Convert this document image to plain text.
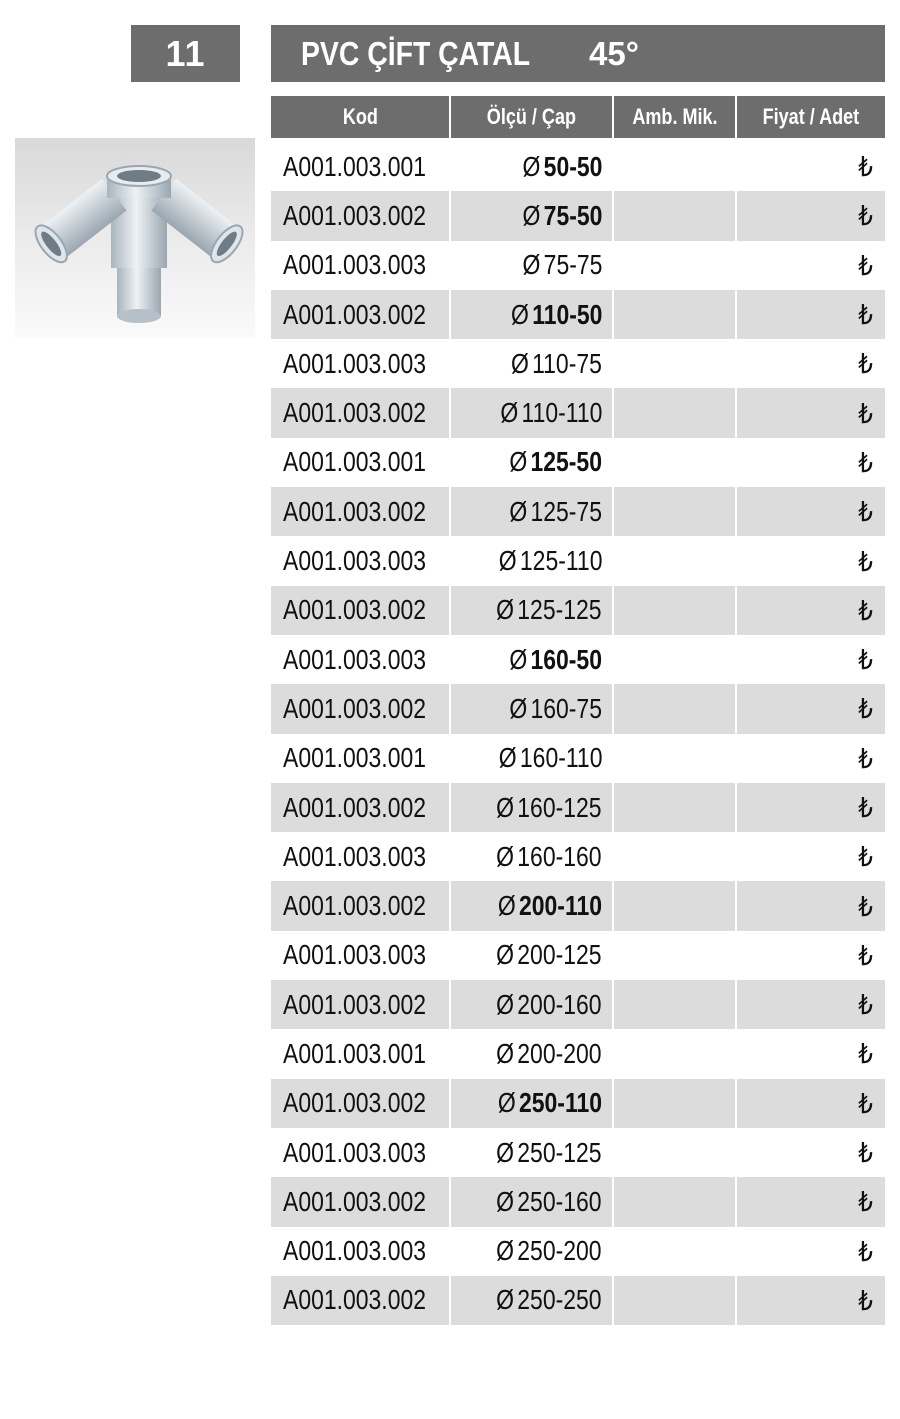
11	PVC ÇİFT ÇATAL 45°
Kod	Ölçü / Çap	Amb. Mik.	Fiyat / Adet

A001.003.001	Ø 50-50		₺
A001.003.002	Ø 75-50		₺
A001.003.003	Ø 75-75		₺
A001.003.002	Ø 110-50		₺
A001.003.003	Ø 110-75		₺
A001.003.002	Ø 110-110		₺
A001.003.001	Ø 125-50		₺
A001.003.002	Ø 125-75		₺
A001.003.003	Ø 125-110		₺
A001.003.002	Ø 125-125		₺
A001.003.003	Ø 160-50		₺
A001.003.002	Ø 160-75		₺
A001.003.001	Ø 160-110		₺
A001.003.002	Ø 160-125		₺
A001.003.003	Ø 160-160		₺
A001.003.002	Ø 200-110		₺
A001.003.003	Ø 200-125		₺
A001.003.002	Ø 200-160		₺
A001.003.001	Ø 200-200		₺
A001.003.002	Ø 250-110		₺
A001.003.003	Ø 250-125		₺
A001.003.002	Ø 250-160		₺
A001.003.003	Ø 250-200		₺
A001.003.002	Ø 250-250		₺
